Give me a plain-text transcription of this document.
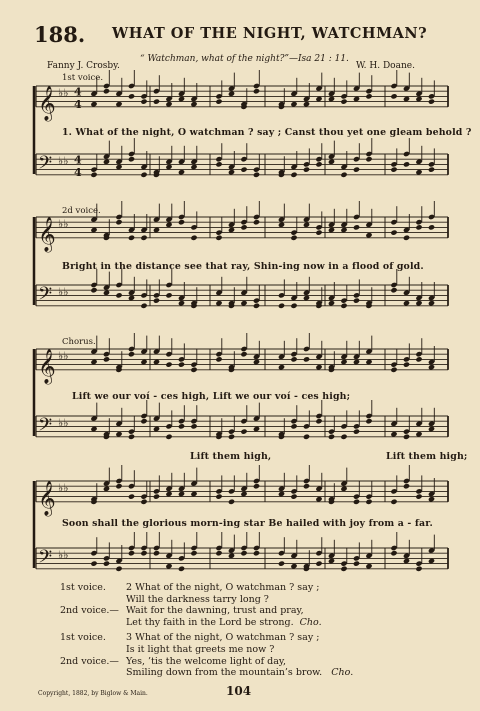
188. WHAT OF THE NIGHT, WATCHMAN?
Fanny J. Crosby.
“ Watchman, what of the night?”—Isa 21 : 11.
W. H. Doane.
𝄞 ♭♭ 4
4
𝄢 ♭♭ 4
4
𝄞 ♭♭
𝄢 ♭♭
𝄞 ♭♭
𝄢 ♭♭
𝄞 ♭♭
𝄢 ♭♭
1st voice.
1. What of the night, O watchman ? say ; Canst thou yet one gleam behold ?
2d voice.
Bright in the distance see that ray, Shin-ing now in a flood of gold.
Chorus.
Lift we our voí - ces high, Lift we our voí - ces high;
Lift them high,	Lift them high;
Soon shall the glorious morn-ing star Be hailed with joy from a - far.
1st voice.	2 What of the night, O watchman ? say ;
Will the darkness tarry long ?
2nd voice.— Wait for the dawning, trust and pray,
Let thy faith in the Lord be strong. Cho.
1st voice.	3 What of the night, O watchman ? say ;
Is it light that greets me now ?
2nd voice.— Yes, ’tis the welcome light of day,
Smiling down from the mountain’s brow. Cho.
Copyright, 1882, by Biglow & Main.	104
